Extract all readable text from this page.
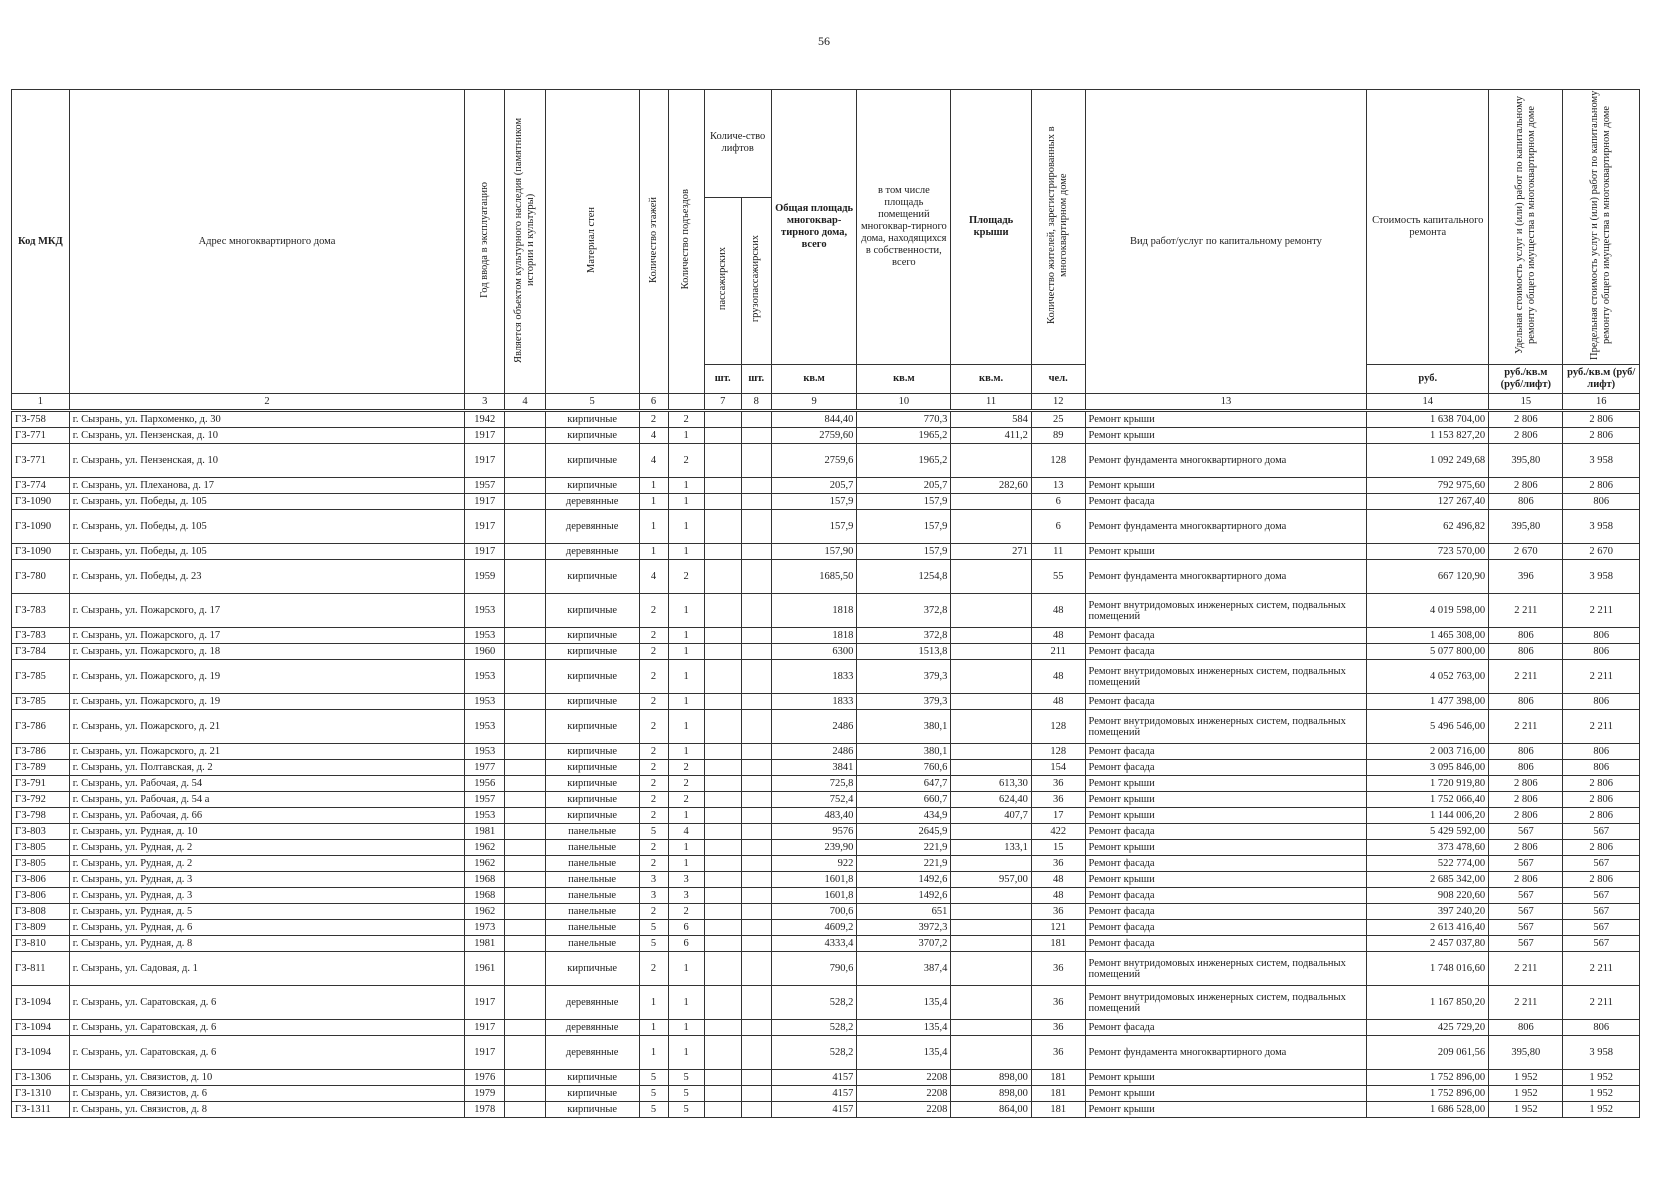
56
Код МКД	Адрес многоквартирного дома	Год ввода в эксплуатацию	Является объектом культурного наследия (памятником истории и культуры)	Материал стен	Количество этажей	Количество подъездов	Количе-ство лифтов		Общая площадь многоквар-тирного дома, всего	в том числе площадь помещений многоквар-тирного дома, находящихся в собственности, всего	Площадь крыши	Количество жителей, зарегистрированных в многоквартирном доме	Вид работ/услуг по капитальному ремонту	Стоимость капитального ремонта	Удельная стоимость услуг и (или) работ по капитальному ремонту общего имущества в многоквартирном доме	Предельная стоимость услуг и (или) работ по капитальному ремонту общего имущества в многоквартирном доме
							пассажирских	грузопассажирских								
							шт.	шт.	кв.м	кв.м	кв.м.	чел.		руб.	руб./кв.м (руб/лифт)	руб./кв.м (руб/лифт)
1	2	3	4	5	6		7	8	9	10	11	12	13	14	15	16
ГЗ-758	г. Сызрань, ул. Пархоменко, д. 30	1942		кирпичные	2	2			844,40	770,3	584	25	Ремонт крыши	1 638 704,00	2 806	2 806
ГЗ-771	г. Сызрань, ул. Пензенская, д. 10	1917		кирпичные	4	1			2759,60	1965,2	411,2	89	Ремонт крыши	1 153 827,20	2 806	2 806
ГЗ-771	г. Сызрань, ул. Пензенская, д. 10	1917		кирпичные	4	2			2759,6	1965,2		128	Ремонт фундамента многоквартирного дома	1 092 249,68	395,80	3 958
ГЗ-774	г. Сызрань, ул. Плеханова, д. 17	1957		кирпичные	1	1			205,7	205,7	282,60	13	Ремонт крыши	792 975,60	2 806	2 806
ГЗ-1090	г. Сызрань, ул. Победы, д. 105	1917		деревянные	1	1			157,9	157,9		6	Ремонт фасада	127 267,40	806	806
ГЗ-1090	г. Сызрань, ул. Победы, д. 105	1917		деревянные	1	1			157,9	157,9		6	Ремонт фундамента многоквартирного дома	62 496,82	395,80	3 958
ГЗ-1090	г. Сызрань, ул. Победы, д. 105	1917		деревянные	1	1			157,90	157,9	271	11	Ремонт крыши	723 570,00	2 670	2 670
ГЗ-780	г. Сызрань, ул. Победы, д. 23	1959		кирпичные	4	2			1685,50	1254,8		55	Ремонт фундамента многоквартирного дома	667 120,90	396	3 958
ГЗ-783	г. Сызрань, ул. Пожарского, д. 17	1953		кирпичные	2	1			1818	372,8		48	Ремонт внутридомовых инженерных систем, подвальных помещений	4 019 598,00	2 211	2 211
ГЗ-783	г. Сызрань, ул. Пожарского, д. 17	1953		кирпичные	2	1			1818	372,8		48	Ремонт фасада	1 465 308,00	806	806
ГЗ-784	г. Сызрань, ул. Пожарского, д. 18	1960		кирпичные	2	1			6300	1513,8		211	Ремонт фасада	5 077 800,00	806	806
ГЗ-785	г. Сызрань, ул. Пожарского, д. 19	1953		кирпичные	2	1			1833	379,3		48	Ремонт внутридомовых инженерных систем, подвальных помещений	4 052 763,00	2 211	2 211
ГЗ-785	г. Сызрань, ул. Пожарского, д. 19	1953		кирпичные	2	1			1833	379,3		48	Ремонт фасада	1 477 398,00	806	806
ГЗ-786	г. Сызрань, ул. Пожарского, д. 21	1953		кирпичные	2	1			2486	380,1		128	Ремонт внутридомовых инженерных систем, подвальных помещений	5 496 546,00	2 211	2 211
ГЗ-786	г. Сызрань, ул. Пожарского, д. 21	1953		кирпичные	2	1			2486	380,1		128	Ремонт фасада	2 003 716,00	806	806
ГЗ-789	г. Сызрань, ул. Полтавская, д. 2	1977		кирпичные	2	2			3841	760,6		154	Ремонт фасада	3 095 846,00	806	806
ГЗ-791	г. Сызрань, ул. Рабочая, д. 54	1956		кирпичные	2	2			725,8	647,7	613,30	36	Ремонт крыши	1 720 919,80	2 806	2 806
ГЗ-792	г. Сызрань, ул. Рабочая, д. 54 а	1957		кирпичные	2	2			752,4	660,7	624,40	36	Ремонт крыши	1 752 066,40	2 806	2 806
ГЗ-798	г. Сызрань, ул. Рабочая, д. 66	1953		кирпичные	2	1			483,40	434,9	407,7	17	Ремонт крыши	1 144 006,20	2 806	2 806
ГЗ-803	г. Сызрань, ул. Рудная, д. 10	1981		панельные	5	4			9576	2645,9		422	Ремонт фасада	5 429 592,00	567	567
ГЗ-805	г. Сызрань, ул. Рудная, д. 2	1962		панельные	2	1			239,90	221,9	133,1	15	Ремонт крыши	373 478,60	2 806	2 806
ГЗ-805	г. Сызрань, ул. Рудная, д. 2	1962		панельные	2	1			922	221,9		36	Ремонт фасада	522 774,00	567	567
ГЗ-806	г. Сызрань, ул. Рудная, д. 3	1968		панельные	3	3			1601,8	1492,6	957,00	48	Ремонт крыши	2 685 342,00	2 806	2 806
ГЗ-806	г. Сызрань, ул. Рудная, д. 3	1968		панельные	3	3			1601,8	1492,6		48	Ремонт фасада	908 220,60	567	567
ГЗ-808	г. Сызрань, ул. Рудная, д. 5	1962		панельные	2	2			700,6	651		36	Ремонт фасада	397 240,20	567	567
ГЗ-809	г. Сызрань, ул. Рудная, д. 6	1973		панельные	5	6			4609,2	3972,3		121	Ремонт фасада	2 613 416,40	567	567
ГЗ-810	г. Сызрань, ул. Рудная, д. 8	1981		панельные	5	6			4333,4	3707,2		181	Ремонт фасада	2 457 037,80	567	567
ГЗ-811	г. Сызрань, ул. Садовая, д. 1	1961		кирпичные	2	1			790,6	387,4		36	Ремонт внутридомовых инженерных систем, подвальных помещений	1 748 016,60	2 211	2 211
ГЗ-1094	г. Сызрань, ул. Саратовская, д. 6	1917		деревянные	1	1			528,2	135,4		36	Ремонт внутридомовых инженерных систем, подвальных помещений	1 167 850,20	2 211	2 211
ГЗ-1094	г. Сызрань, ул. Саратовская, д. 6	1917		деревянные	1	1			528,2	135,4		36	Ремонт фасада	425 729,20	806	806
ГЗ-1094	г. Сызрань, ул. Саратовская, д. 6	1917		деревянные	1	1			528,2	135,4		36	Ремонт фундамента многоквартирного дома	209 061,56	395,80	3 958
ГЗ-1306	г. Сызрань, ул. Связистов, д. 10	1976		кирпичные	5	5			4157	2208	898,00	181	Ремонт крыши	1 752 896,00	1 952	1 952
ГЗ-1310	г. Сызрань, ул. Связистов, д. 6	1979		кирпичные	5	5			4157	2208	898,00	181	Ремонт крыши	1 752 896,00	1 952	1 952
ГЗ-1311	г. Сызрань, ул. Связистов, д. 8	1978		кирпичные	5	5			4157	2208	864,00	181	Ремонт крыши	1 686 528,00	1 952	1 952
